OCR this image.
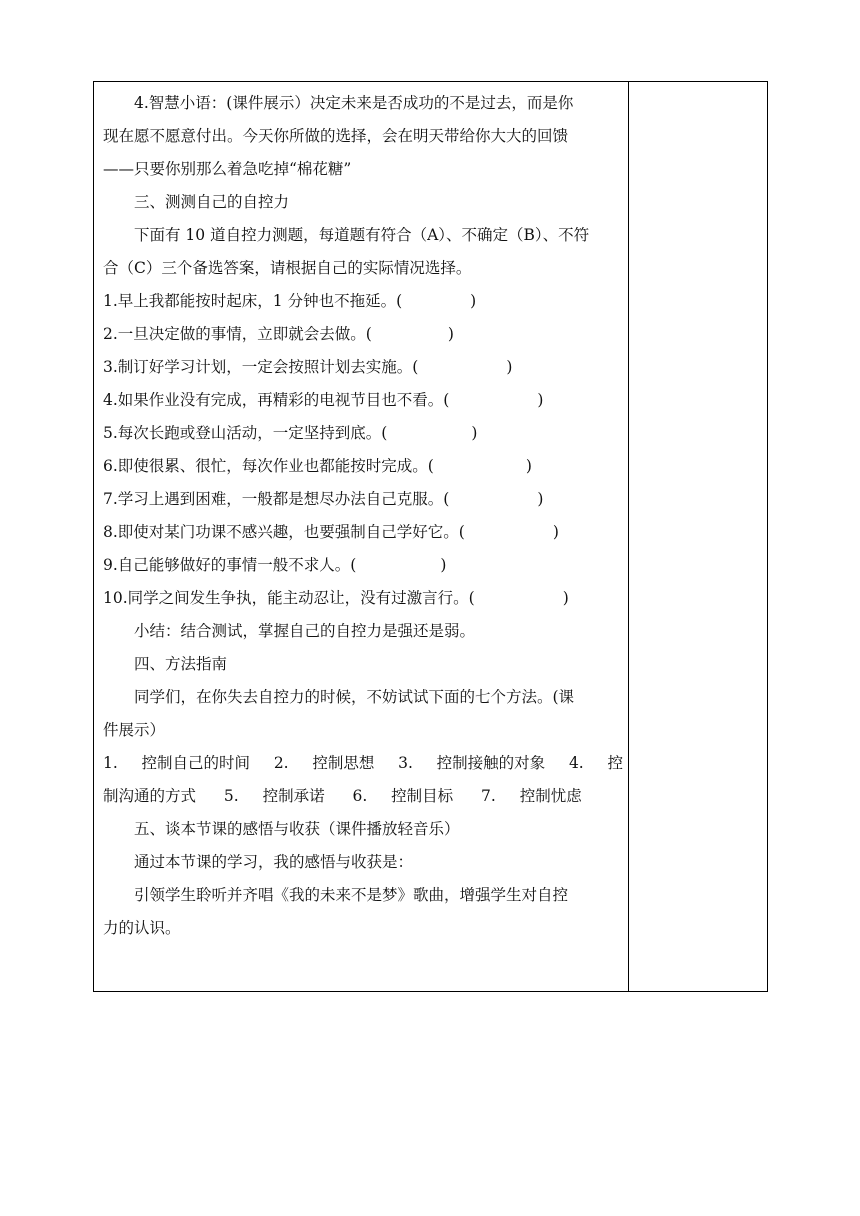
4.智慧小语：(课件展示）决定未来是否成功的不是过去，而是你
现在愿不愿意付出。今天你所做的选择，会在明天带给你大大的回馈
——只要你别那么着急吃掉“棉花糖”
三、测测自己的自控力
下面有 10 道自控力测题，每道题有符合（A）、不确定（B）、不符
合（C）三个备选答案，请根据自己的实际情况选择。
1.早上我都能按时起床，1 分钟也不拖延。(	)
2.一旦决定做的事情，立即就会去做。(	)
3.制订好学习计划，一定会按照计划去实施。(	)
4.如果作业没有完成，再精彩的电视节目也不看。(	)
5.每次长跑或登山活动，一定坚持到底。(	)
6.即使很累、很忙，每次作业也都能按时完成。(	)
7.学习上遇到困难，一般都是想尽办法自己克服。(	)
8.即使对某门功课不感兴趣，也要强制自己学好它。(	)
9.自己能够做好的事情一般不求人。(	)
10.同学之间发生争执，能主动忍让，没有过激言行。(	)
小结：结合测试，掌握自己的自控力是强还是弱。
四、方法指南
同学们，在你失去自控力的时候，不妨试试下面的七个方法。(课
件展示）
1. 控制自己的时间 2. 控制思想 3. 控制接触的对象 4. 控
制沟通的方式 5. 控制承诺 6. 控制目标 7. 控制忧虑
五、谈本节课的感悟与收获（课件播放轻音乐）
通过本节课的学习，我的感悟与收获是：
引领学生聆听并齐唱《我的未来不是梦》歌曲，增强学生对自控
力的认识。
